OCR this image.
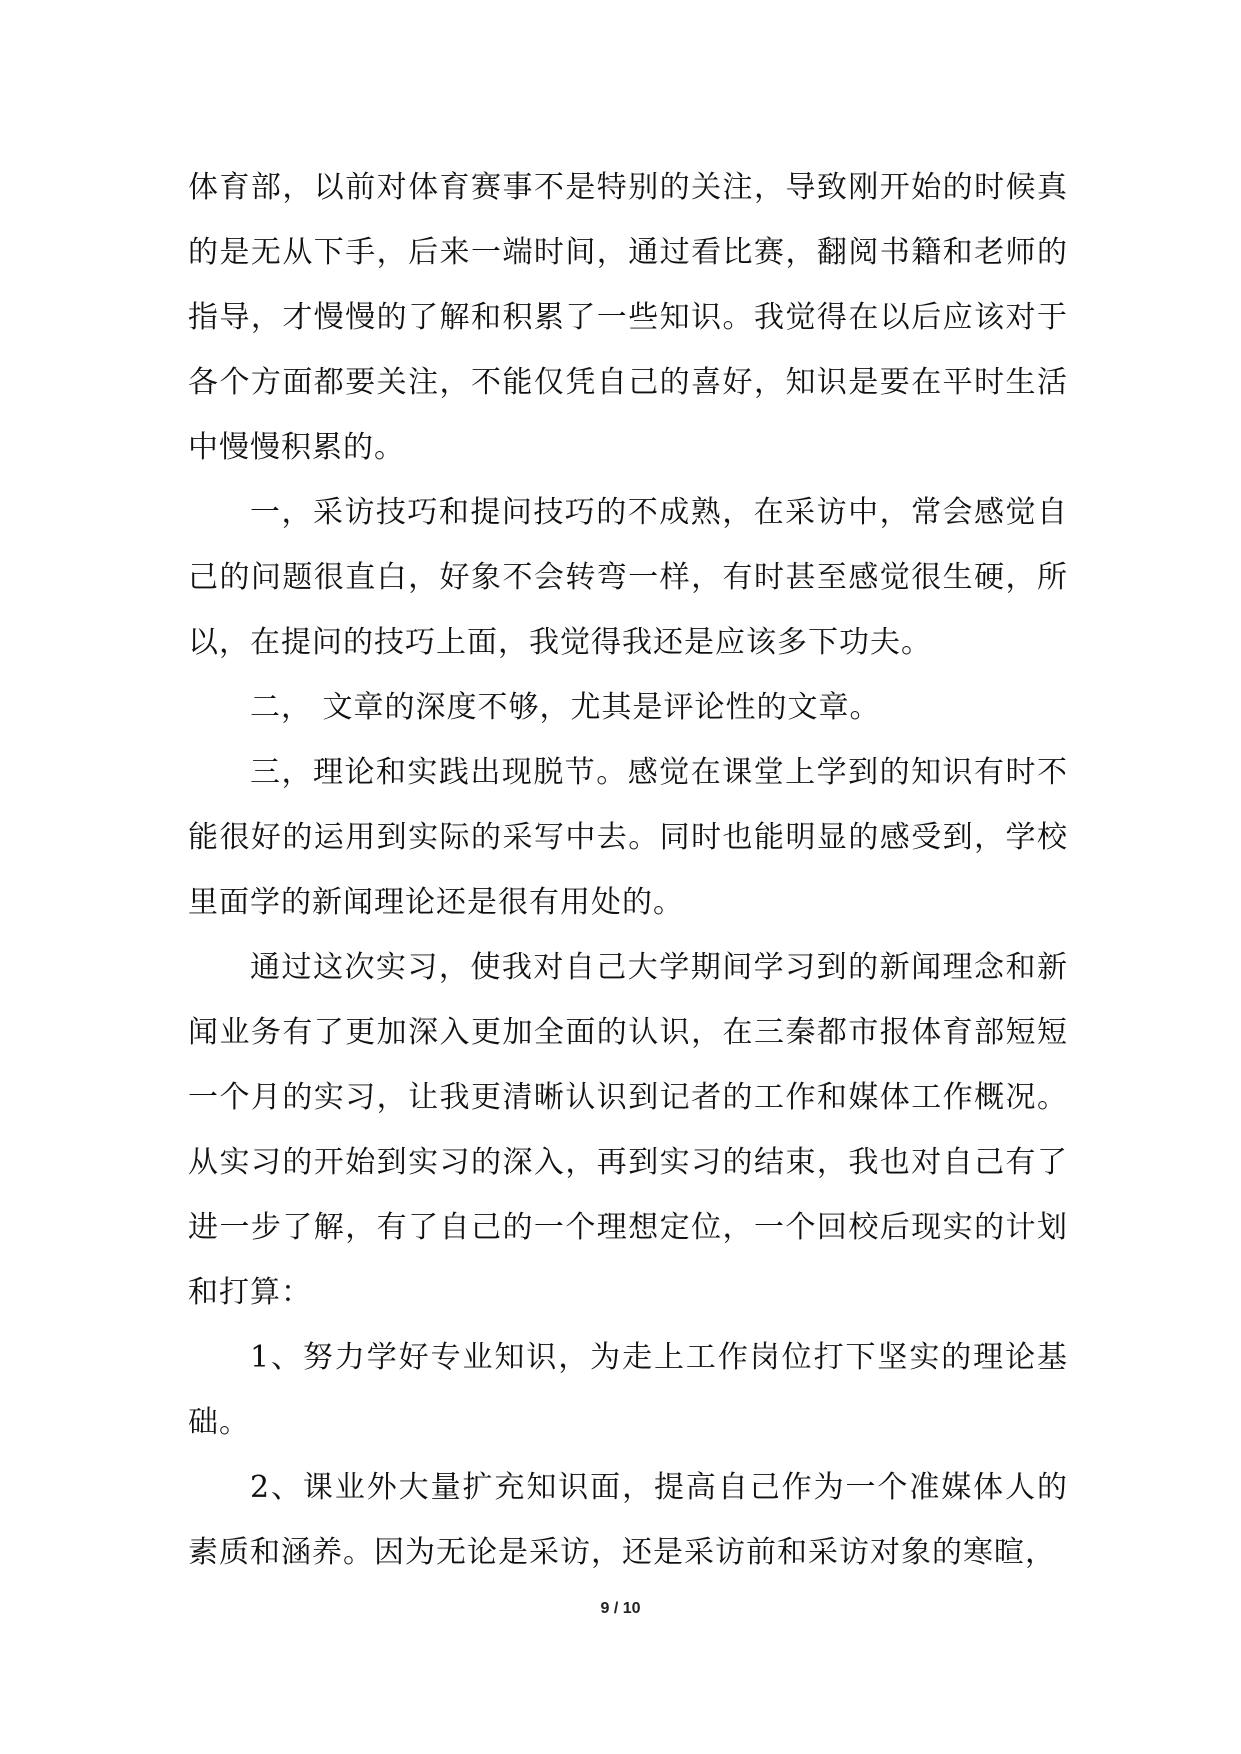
体育部，以前对体育赛事不是特别的关注，导致刚开始的时候真的是无从下手，后来一端时间，通过看比赛，翻阅书籍和老师的指导，才慢慢的了解和积累了一些知识。我觉得在以后应该对于各个方面都要关注，不能仅凭自己的喜好，知识是要在平时生活中慢慢积累的。

一，采访技巧和提问技巧的不成熟，在采访中，常会感觉自己的问题很直白，好象不会转弯一样，有时甚至感觉很生硬，所以，在提问的技巧上面，我觉得我还是应该多下功夫。

二， 文章的深度不够，尤其是评论性的文章。

三，理论和实践出现脱节。感觉在课堂上学到的知识有时不能很好的运用到实际的采写中去。同时也能明显的感受到，学校里面学的新闻理论还是很有用处的。

通过这次实习，使我对自己大学期间学习到的新闻理念和新闻业务有了更加深入更加全面的认识，在三秦都市报体育部短短一个月的实习，让我更清晰认识到记者的工作和媒体工作概况。从实习的开始到实习的深入，再到实习的结束，我也对自己有了进一步了解，有了自己的一个理想定位，一个回校后现实的计划和打算：

1、努力学好专业知识，为走上工作岗位打下坚实的理论基础。

2、课业外大量扩充知识面，提高自己作为一个准媒体人的素质和涵养。因为无论是采访，还是采访前和采访对象的寒暄，

9 / 10
